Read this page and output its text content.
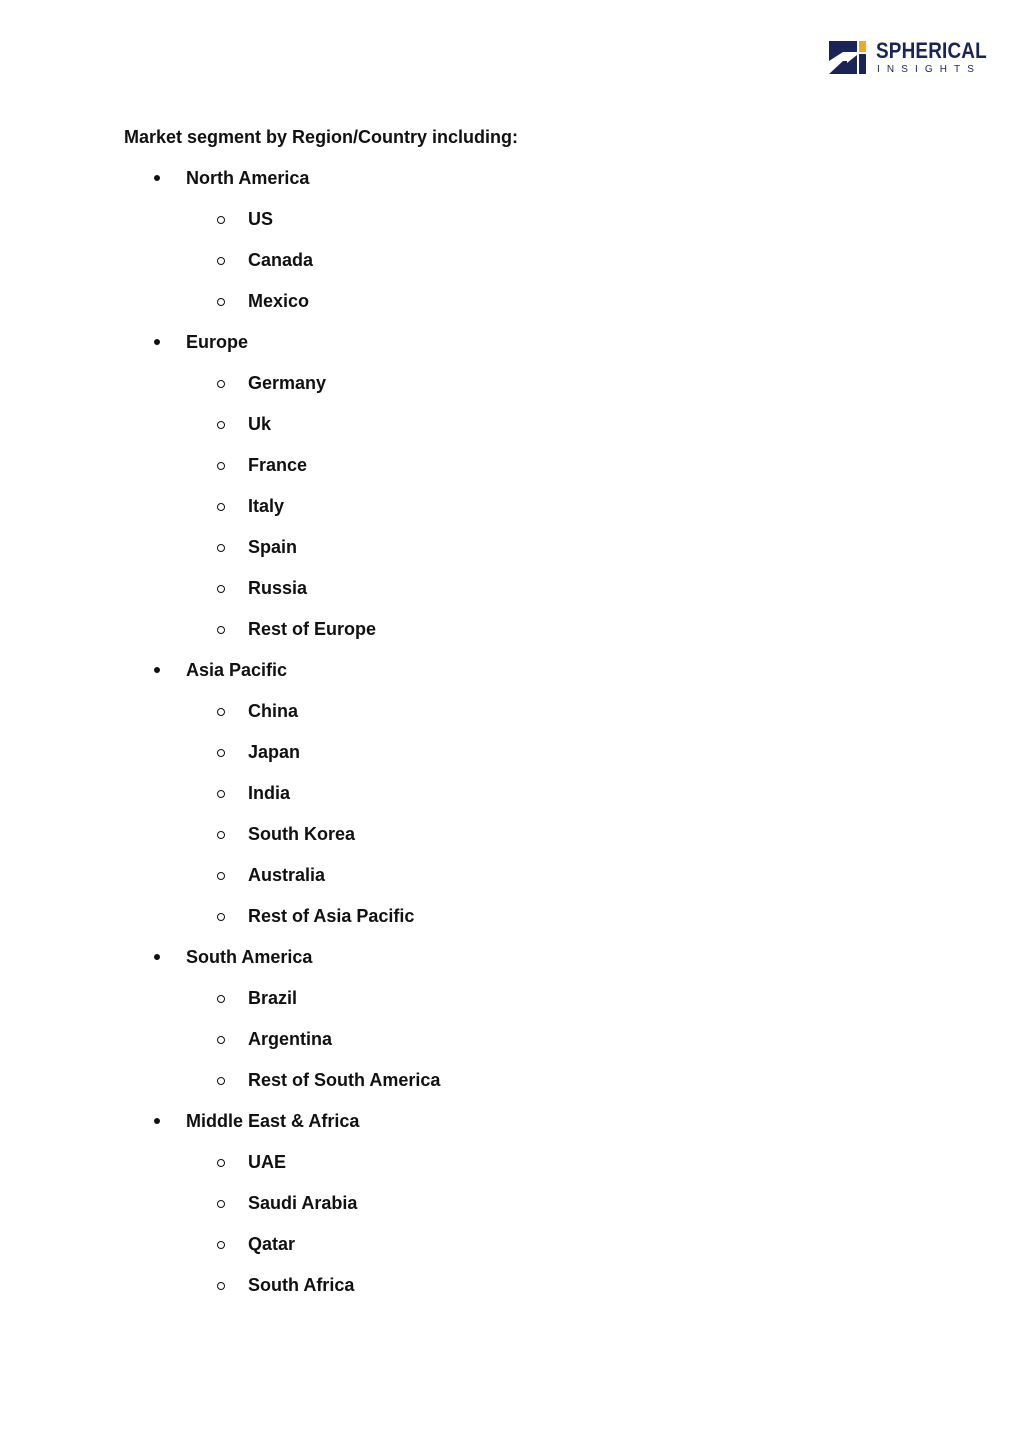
SPHERICAL
INSIGHTS

Market segment by Region/Country including:

North America
US
Canada
Mexico
Europe
Germany
Uk
France
Italy
Spain
Russia
Rest of Europe
Asia Pacific
China
Japan
India
South Korea
Australia
Rest of Asia Pacific
South America
Brazil
Argentina
Rest of South America
Middle East & Africa
UAE
Saudi Arabia
Qatar
South Africa
